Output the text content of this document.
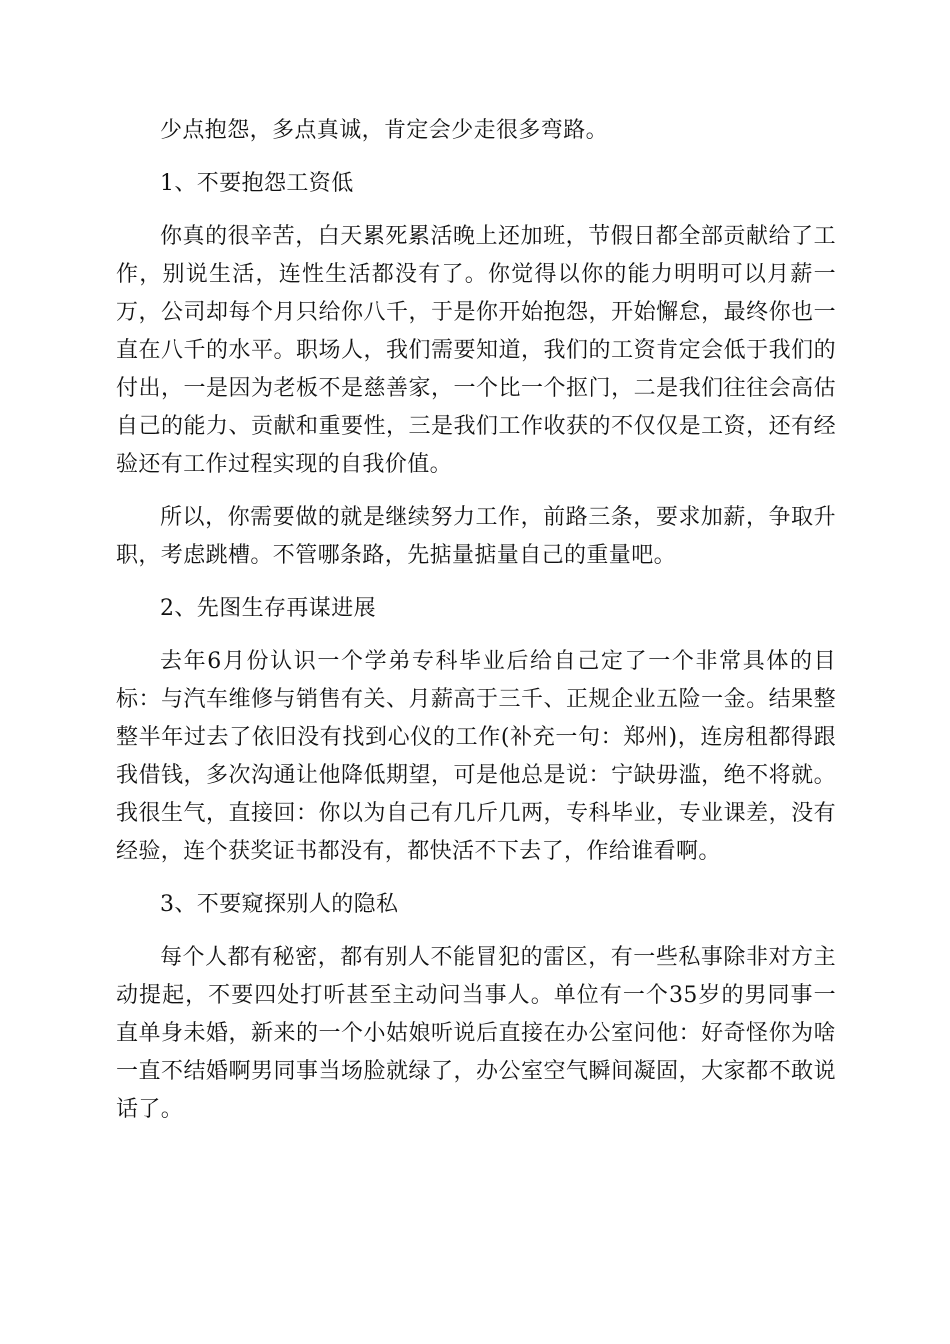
少点抱怨，多点真诚，肯定会少走很多弯路。

1、不要抱怨工资低

你真的很辛苦，白天累死累活晚上还加班，节假日都全部贡献给了工作，别说生活，连性生活都没有了。你觉得以你的能力明明可以月薪一万，公司却每个月只给你八千，于是你开始抱怨，开始懈怠，最终你也一直在八千的水平。职场人，我们需要知道，我们的工资肯定会低于我们的付出，一是因为老板不是慈善家，一个比一个抠门，二是我们往往会高估自己的能力、贡献和重要性，三是我们工作收获的不仅仅是工资，还有经验还有工作过程实现的自我价值。

所以，你需要做的就是继续努力工作，前路三条，要求加薪，争取升职，考虑跳槽。不管哪条路，先掂量掂量自己的重量吧。

2、先图生存再谋进展

去年6月份认识一个学弟专科毕业后给自己定了一个非常具体的目标：与汽车维修与销售有关、月薪高于三千、正规企业五险一金。结果整整半年过去了依旧没有找到心仪的工作(补充一句：郑州)，连房租都得跟我借钱，多次沟通让他降低期望，可是他总是说：宁缺毋滥，绝不将就。我很生气，直接回：你以为自己有几斤几两，专科毕业，专业课差，没有经验，连个获奖证书都没有，都快活不下去了，作给谁看啊。

3、不要窥探别人的隐私

每个人都有秘密，都有别人不能冒犯的雷区，有一些私事除非对方主动提起，不要四处打听甚至主动问当事人。单位有一个35岁的男同事一直单身未婚，新来的一个小姑娘听说后直接在办公室问他：好奇怪你为啥一直不结婚啊男同事当场脸就绿了，办公室空气瞬间凝固，大家都不敢说话了。
